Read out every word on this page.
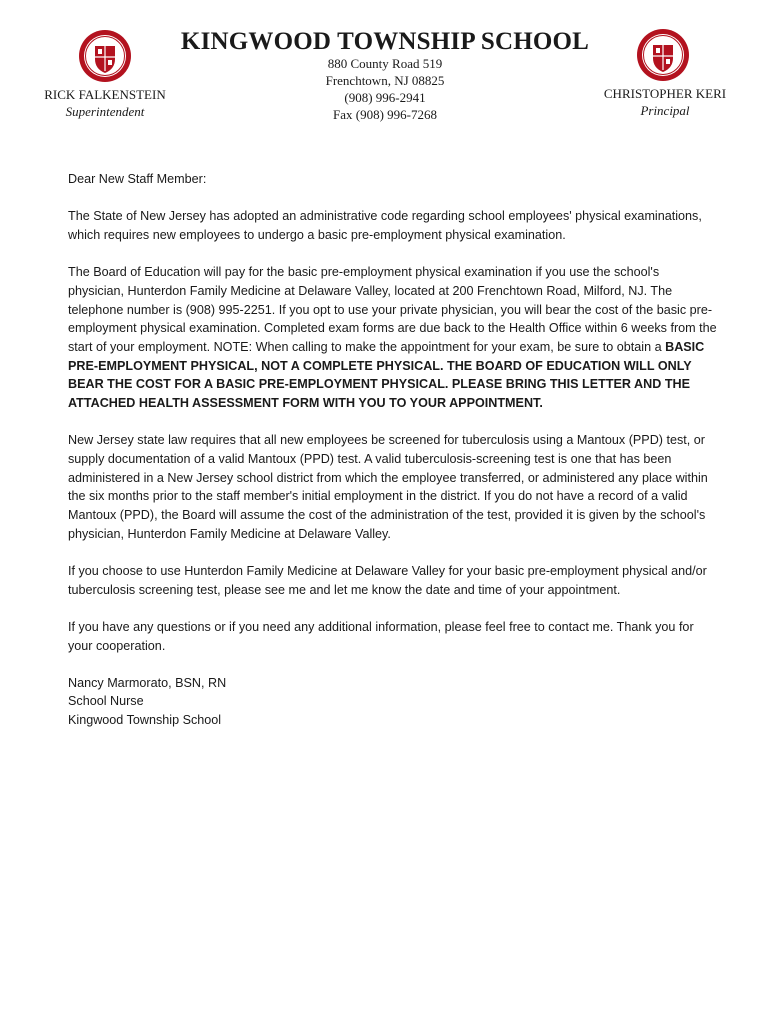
RICK FALKENSTEIN
Superintendent
KINGWOOD TOWNSHIP SCHOOL
880 County Road 519
Frenchtown, NJ 08825
(908) 996-2941
Fax (908) 996-7268
CHRISTOPHER KERI
Principal

Dear New Staff Member:

The State of New Jersey has adopted an administrative code regarding school employees' physical examinations, which requires new employees to undergo a basic pre-employment physical examination.

The Board of Education will pay for the basic pre-employment physical examination if you use the school's physician, Hunterdon Family Medicine at Delaware Valley, located at 200 Frenchtown Road, Milford, NJ. The telephone number is (908) 995-2251. If you opt to use your private physician, you will bear the cost of the basic pre-employment physical examination. Completed exam forms are due back to the Health Office within 6 weeks from the start of your employment. NOTE: When calling to make the appointment for your exam, be sure to obtain a BASIC PRE-EMPLOYMENT PHYSICAL, NOT A COMPLETE PHYSICAL. THE BOARD OF EDUCATION WILL ONLY BEAR THE COST FOR A BASIC PRE-EMPLOYMENT PHYSICAL. PLEASE BRING THIS LETTER AND THE ATTACHED HEALTH ASSESSMENT FORM WITH YOU TO YOUR APPOINTMENT.

New Jersey state law requires that all new employees be screened for tuberculosis using a Mantoux (PPD) test, or supply documentation of a valid Mantoux (PPD) test. A valid tuberculosis-screening test is one that has been administered in a New Jersey school district from which the employee transferred, or administered any place within the six months prior to the staff member's initial employment in the district. If you do not have a record of a valid Mantoux (PPD), the Board will assume the cost of the administration of the test, provided it is given by the school's physician, Hunterdon Family Medicine at Delaware Valley.

If you choose to use Hunterdon Family Medicine at Delaware Valley for your basic pre-employment physical and/or tuberculosis screening test, please see me and let me know the date and time of your appointment.

If you have any questions or if you need any additional information, please feel free to contact me. Thank you for your cooperation.

Nancy Marmorato, BSN, RN
School Nurse
Kingwood Township School
